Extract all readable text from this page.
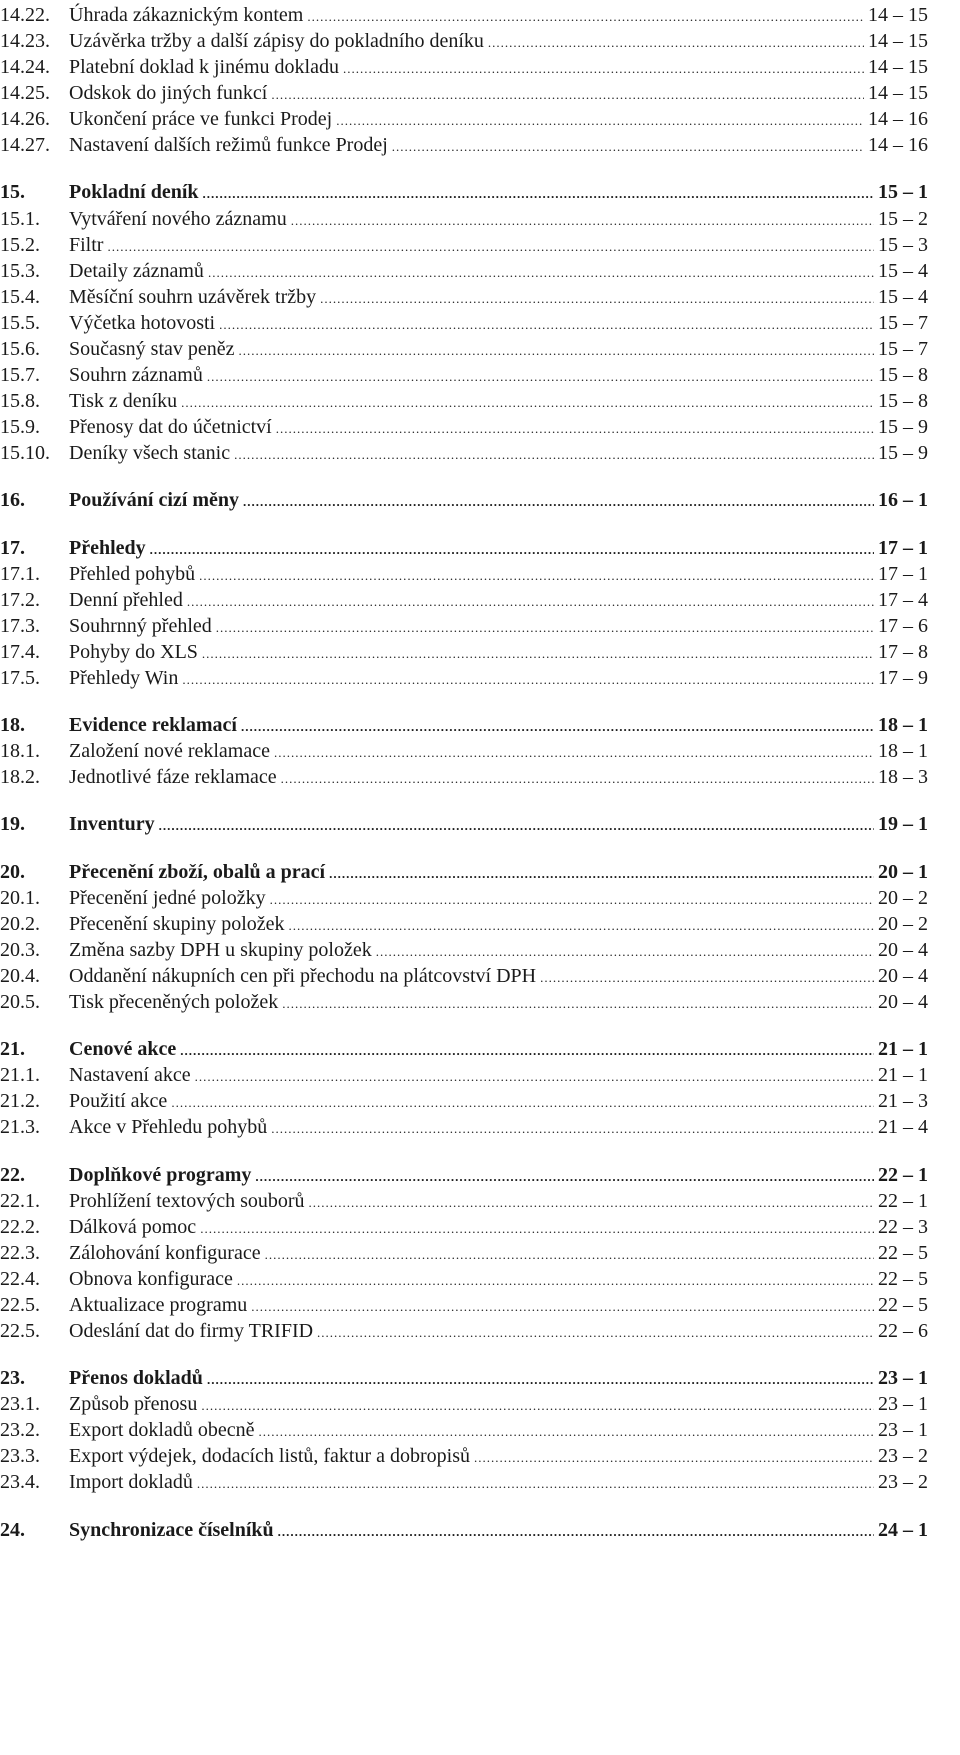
14.22. Úhrada zákaznickým kontem .....	14 – 15
14.23. Uzávěrka tržby a další zápisy do pokladního deníku .....	14 – 15
14.24. Platební doklad k jinému dokladu .....	14 – 15
14.25. Odskok do jiných funkcí .....	14 – 15
14.26. Ukončení práce ve funkci Prodej .....	14 – 16
14.27. Nastavení dalších režimů funkce Prodej .....	14 – 16
15. Pokladní deník .....	15 – 1
15.1. Vytváření nového záznamu .....	15 – 2
15.2. Filtr .....	15 – 3
15.3. Detaily záznamů .....	15 – 4
15.4. Měsíční souhrn uzávěrek tržby .....	15 – 4
15.5. Výčetka hotovosti .....	15 – 7
15.6. Současný stav peněz .....	15 – 7
15.7. Souhrn záznamů .....	15 – 8
15.8. Tisk z deníku .....	15 – 8
15.9. Přenosy dat do účetnictví .....	15 – 9
15.10. Deníky všech stanic .....	15 – 9
16. Používání cizí měny .....	16 – 1
17. Přehledy .....	17 – 1
17.1. Přehled pohybů .....	17 – 1
17.2. Denní přehled .....	17 – 4
17.3. Souhrnný přehled .....	17 – 6
17.4. Pohyby do XLS .....	17 – 8
17.5. Přehledy Win .....	17 – 9
18. Evidence reklamací .....	18 – 1
18.1. Založení nové reklamace .....	18 – 1
18.2. Jednotlivé fáze reklamace .....	18 – 3
19. Inventury .....	19 – 1
20. Přecenění zboží, obalů a prací .....	20 – 1
20.1. Přecenění jedné položky .....	20 – 2
20.2. Přecenění skupiny položek .....	20 – 2
20.3. Změna sazby DPH u skupiny položek .....	20 – 4
20.4. Oddanění nákupních cen při přechodu na plátcovství DPH .....	20 – 4
20.5. Tisk přeceněných položek .....	20 – 4
21. Cenové akce .....	21 – 1
21.1. Nastavení akce .....	21 – 1
21.2. Použití akce .....	21 – 3
21.3. Akce v Přehledu pohybů .....	21 – 4
22. Doplňkové programy .....	22 – 1
22.1. Prohlížení textových souborů .....	22 – 1
22.2. Dálková pomoc .....	22 – 3
22.3. Zálohování konfigurace .....	22 – 5
22.4. Obnova konfigurace .....	22 – 5
22.5. Aktualizace programu .....	22 – 5
22.5. Odeslání dat do firmy TRIFID .....	22 – 6
23. Přenos dokladů .....	23 – 1
23.1. Způsob přenosu .....	23 – 1
23.2. Export dokladů obecně .....	23 – 1
23.3. Export výdejek, dodacích listů, faktur a dobropisů .....	23 – 2
23.4. Import dokladů .....	23 – 2
24. Synchronizace číselníků .....	24 – 1
